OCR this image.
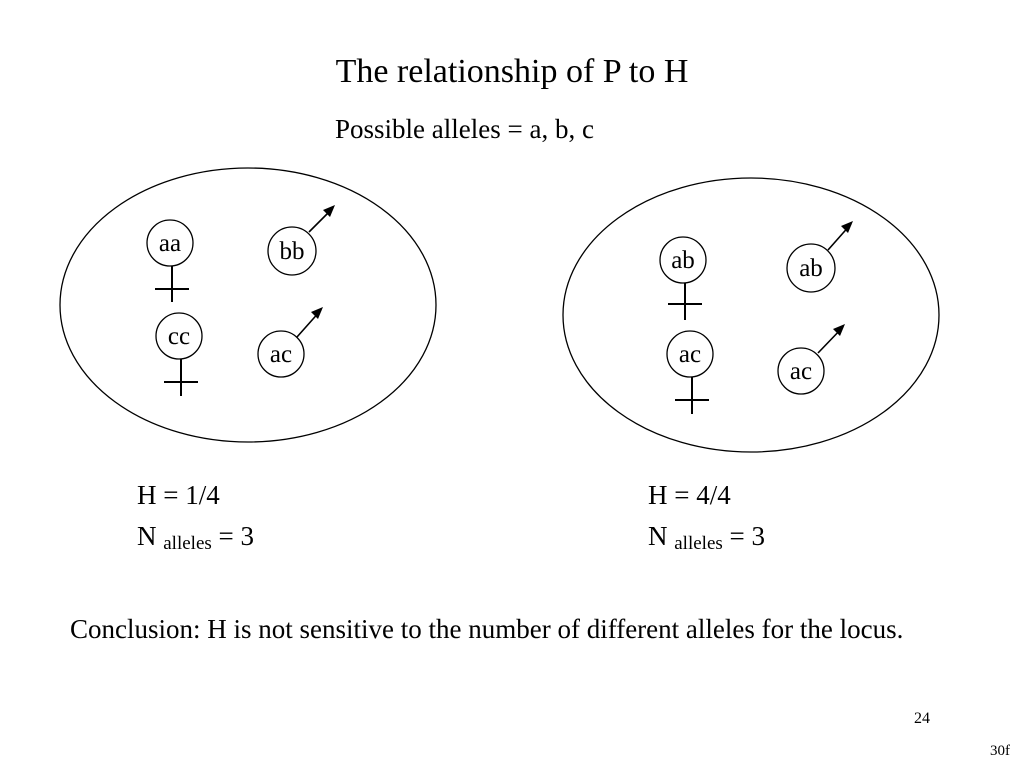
The relationship of P to H
Possible alleles = a, b, c
aa	bb
cc
ac
ab	ab
ac
ac
H = 1/4
N $_{alleles}$ = 3
H = 4/4
N $_{alleles}$ = 3
Conclusion: H is not sensitive to the number of different alleles for the locus.
24
30f
